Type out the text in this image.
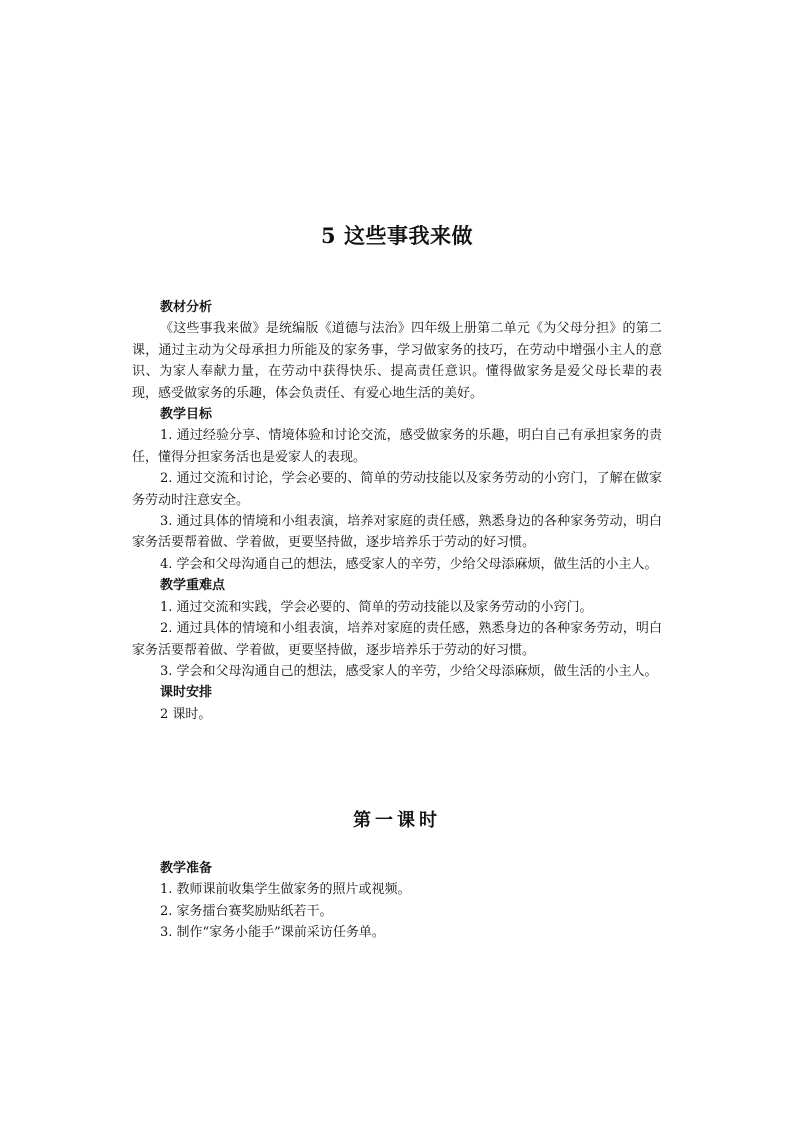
5 这些事我来做

教材分析

《这些事我来做》是统编版《道德与法治》四年级上册第二单元《为父母分担》的第二课，通过主动为父母承担力所能及的家务事，学习做家务的技巧，在劳动中增强小主人的意识、为家人奉献力量，在劳动中获得快乐、提高责任意识。懂得做家务是爱父母长辈的表现，感受做家务的乐趣，体会负责任、有爱心地生活的美好。

教学目标

1. 通过经验分享、情境体验和讨论交流，感受做家务的乐趣，明白自己有承担家务的责任，懂得分担家务活也是爱家人的表现。

2. 通过交流和讨论，学会必要的、简单的劳动技能以及家务劳动的小窍门，了解在做家务劳动时注意安全。

3. 通过具体的情境和小组表演，培养对家庭的责任感，熟悉身边的各种家务劳动，明白家务活要帮着做、学着做，更要坚持做，逐步培养乐于劳动的好习惯。

4. 学会和父母沟通自己的想法，感受家人的辛劳，少给父母添麻烦，做生活的小主人。

教学重难点

1. 通过交流和实践，学会必要的、简单的劳动技能以及家务劳动的小窍门。

2. 通过具体的情境和小组表演，培养对家庭的责任感，熟悉身边的各种家务劳动，明白家务活要帮着做、学着做，更要坚持做，逐步培养乐于劳动的好习惯。

3. 学会和父母沟通自己的想法，感受家人的辛劳，少给父母添麻烦，做生活的小主人。

课时安排

2 课时。

第一课时

教学准备

1. 教师课前收集学生做家务的照片或视频。

2. 家务擂台赛奖励贴纸若干。

3. 制作“家务小能手”课前采访任务单。
